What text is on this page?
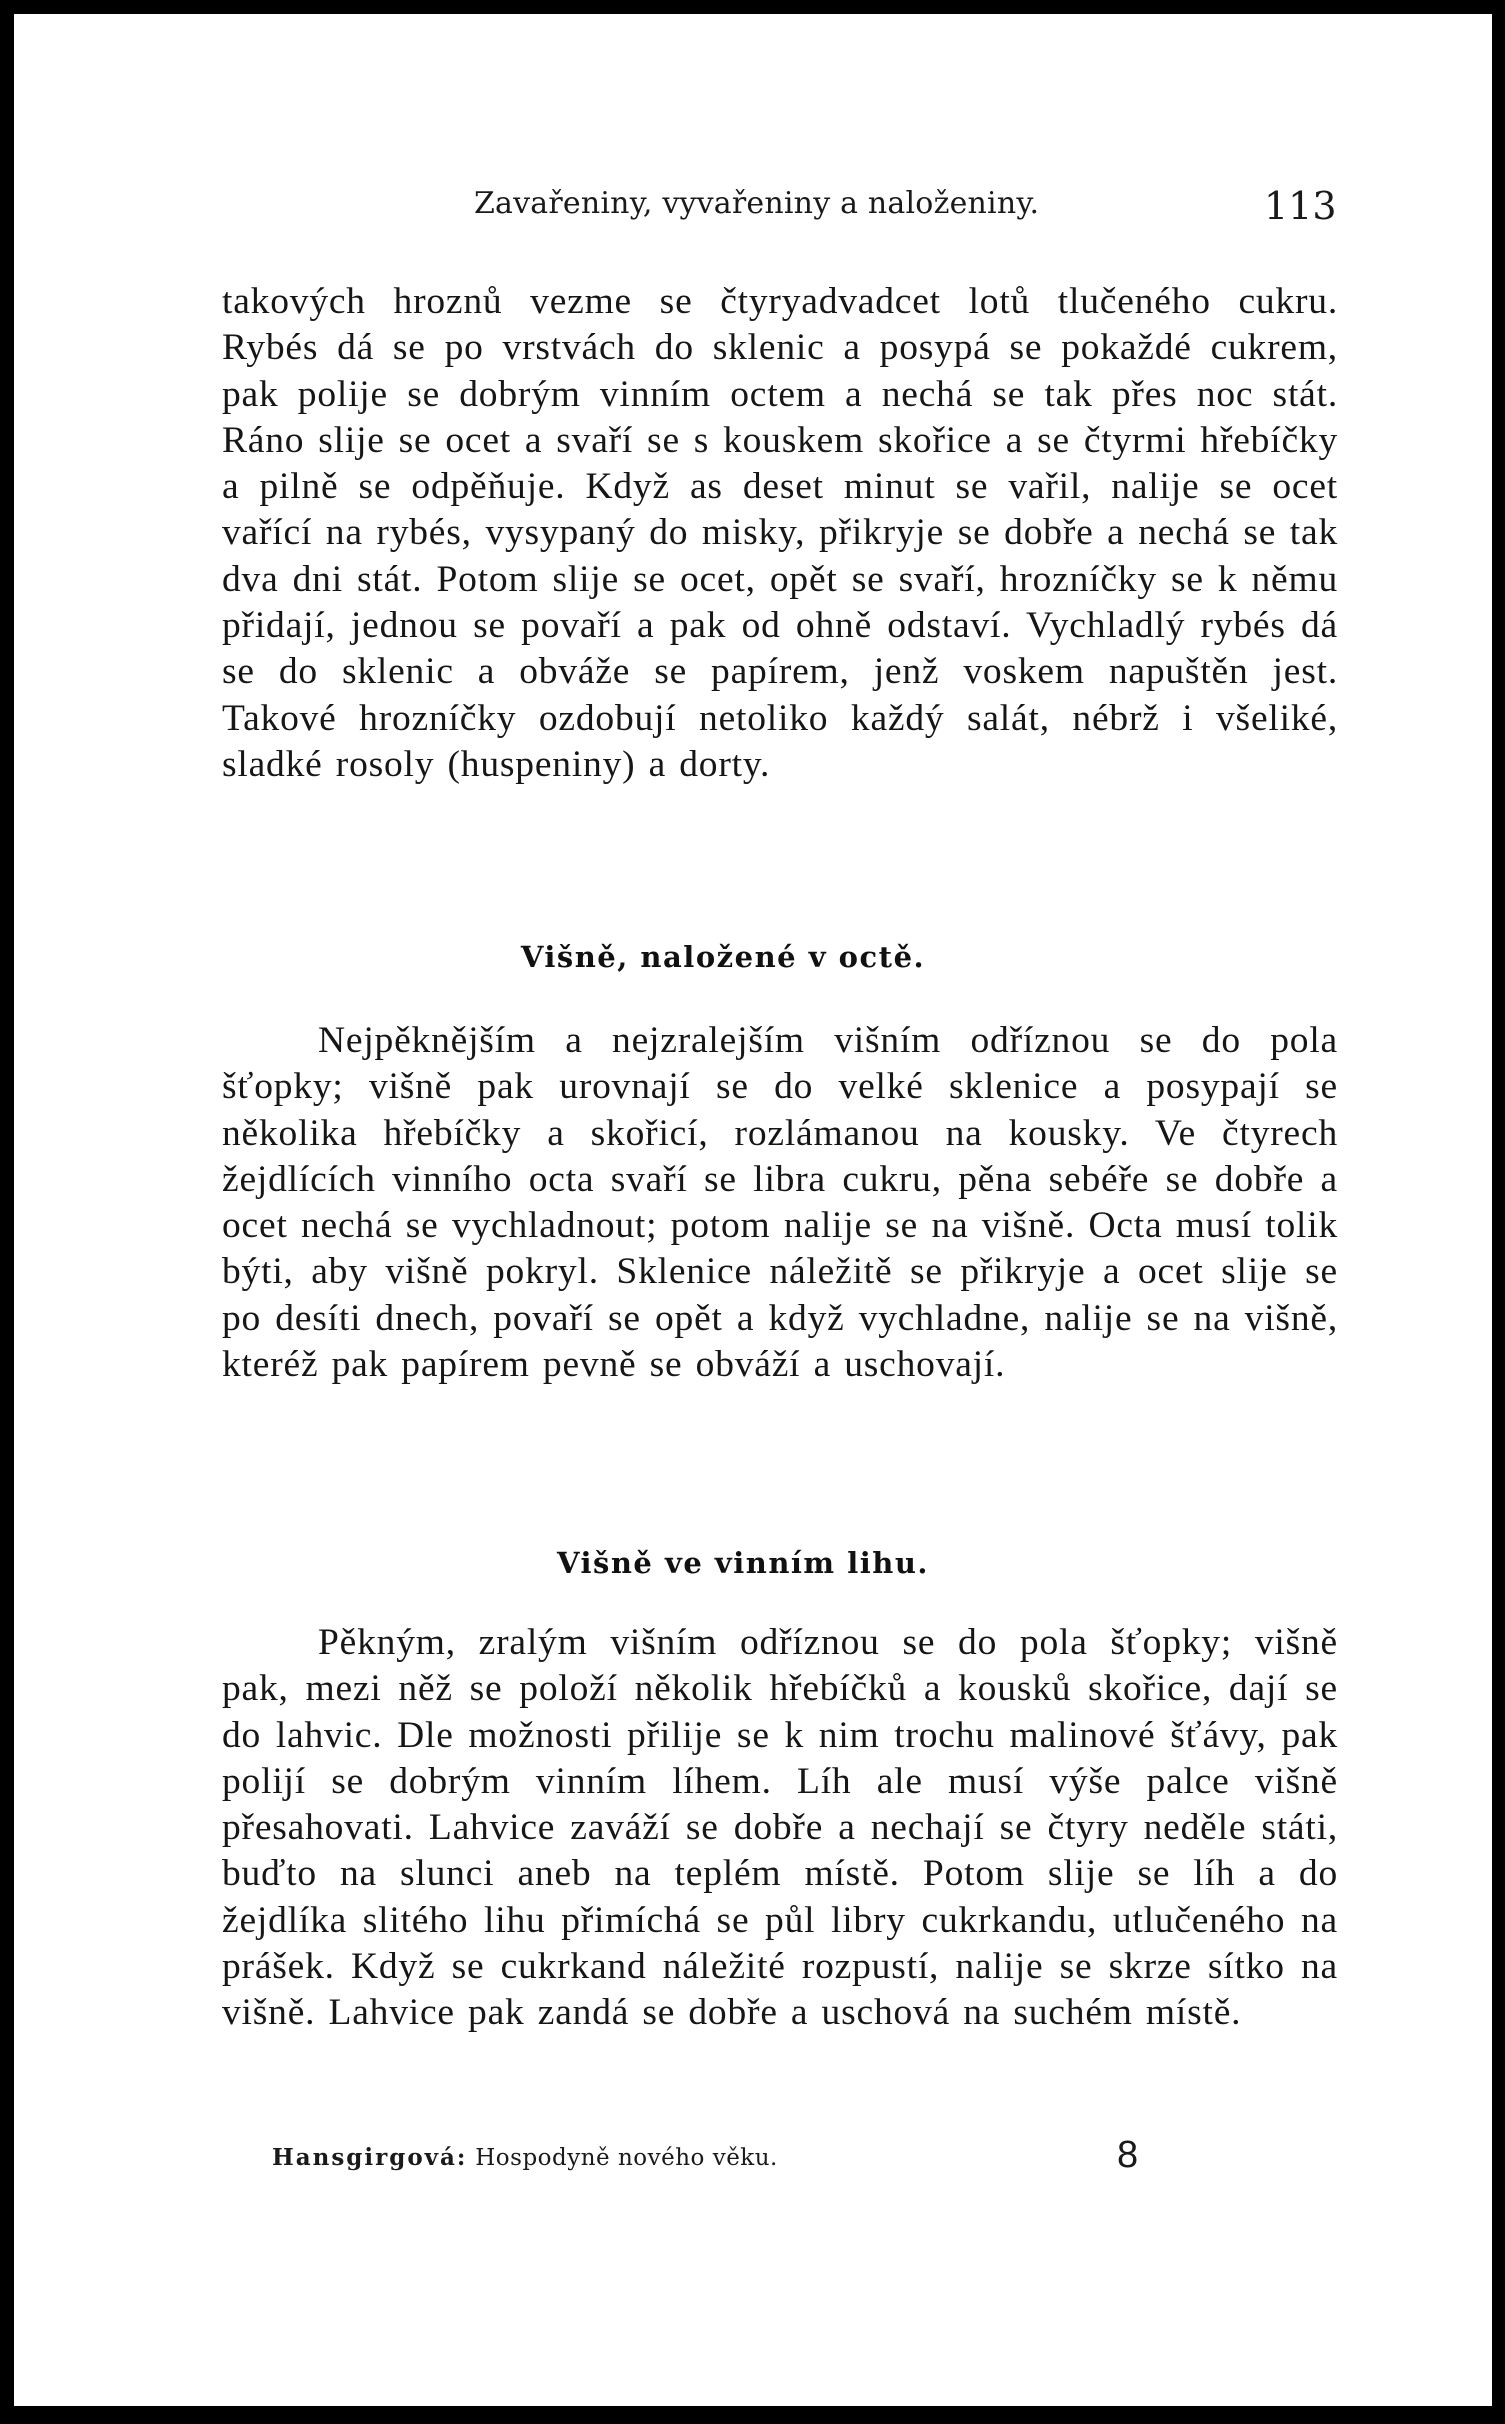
Zavařeniny, vyvařeniny a naloženiny.	113

takových hroznů vezme se čtyryadvadcet lotů tlučeného cukru. Rybés dá se po vrstvách do sklenic a posypá se pokaždé cukrem, pak polije se dobrým vinním octem a nechá se tak přes noc stát. Ráno slije se ocet a svaří se s kouskem skořice a se čtyrmi hřebíčky a pilně se odpěňuje. Když as deset minut se vařil, nalije se ocet vařící na rybés, vysypaný do misky, přikryje se dobře a nechá se tak dva dni stát. Potom slije se ocet, opět se svaří, hrozníčky se k němu přidají, jednou se povaří a pak od ohně odstaví. Vychladlý rybés dá se do sklenic a obváže se papírem, jenž voskem napuštěn jest. Takové hrozníčky ozdobují netoliko každý salát, nébrž i všeliké, sladké rosoly (huspeniny) a dorty.

Višně, naložené v octě.

Nejpěknějším a nejzralejším višním odříznou se do pola šťopky; višně pak urovnají se do velké sklenice a posypají se několika hřebíčky a skořicí, rozlámanou na kousky. Ve čtyrech žejdlících vinního octa svaří se libra cukru, pěna sebéře se dobře a ocet nechá se vychladnout; potom nalije se na višně. Octa musí tolik býti, aby višně pokryl. Sklenice náležitě se přikryje a ocet slije se po desíti dnech, povaří se opět a když vychladne, nalije se na višně, kteréž pak papírem pevně se obváží a uschovají.

Višně ve vinním lihu.

Pěkným, zralým višním odříznou se do pola šťopky; višně pak, mezi něž se položí několik hřebíčků a kousků skořice, dají se do lahvic. Dle možnosti přilije se k nim trochu malinové šťávy, pak polijí se dobrým vinním líhem. Líh ale musí výše palce višně přesahovati. Lahvice zaváží se dobře a nechají se čtyry neděle státi, buďto na slunci aneb na teplém místě. Potom slije se líh a do žejdlíka slitého lihu přimíchá se půl libry cukrkandu, utlučeného na prášek. Když se cukrkand náležité rozpustí, nalije se skrze sítko na višně. Lahvice pak zandá se dobře a uschová na suchém místě.

Hansgirgová: Hospodyně nového věku.	8
